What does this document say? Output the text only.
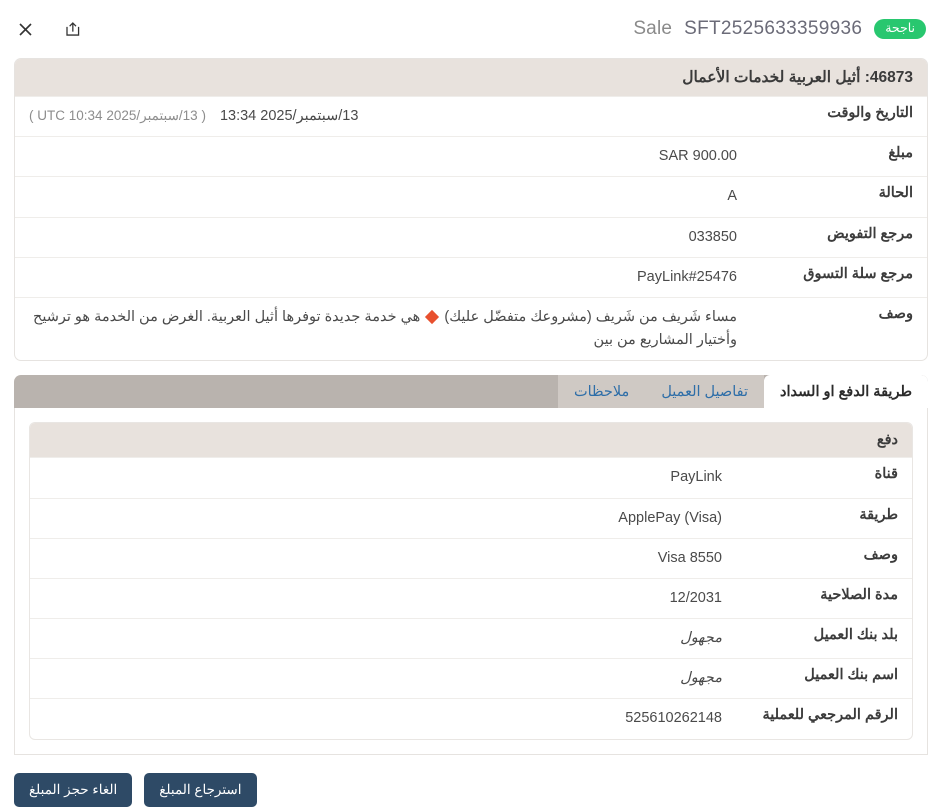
Sale SFT2525633359936	ناجحة
46873: أثيل العربية لخدمات الأعمال
التاريخ والوقت
13/سبتمبر/2025 13:34
( 13/سبتمبر/2025 10:34 UTC )
مبلغ
SAR 900.00
الحالة
A
مرجع التفويض
033850
مرجع سلة التسوق
PayLink#25476
وصف
مساء شَريف من شَريف (مشروعك متفضّل عليك)  هي خدمة جديدة توفرها أثيل العربية. الغرض من الخدمة هو ترشيح وأختيار المشاريع من بين
طريقة الدفع او السداد
تفاصيل العميل
ملاحظات
دفع
قناة
PayLink
طريقة
ApplePay (Visa)
وصف
Visa 8550
مدة الصلاحية
12/2031
بلد بنك العميل
مجهول
اسم بنك العميل
مجهول
الرقم المرجعي للعملية
525610262148
الغاء حجز المبلغ	استرجاع المبلغ
